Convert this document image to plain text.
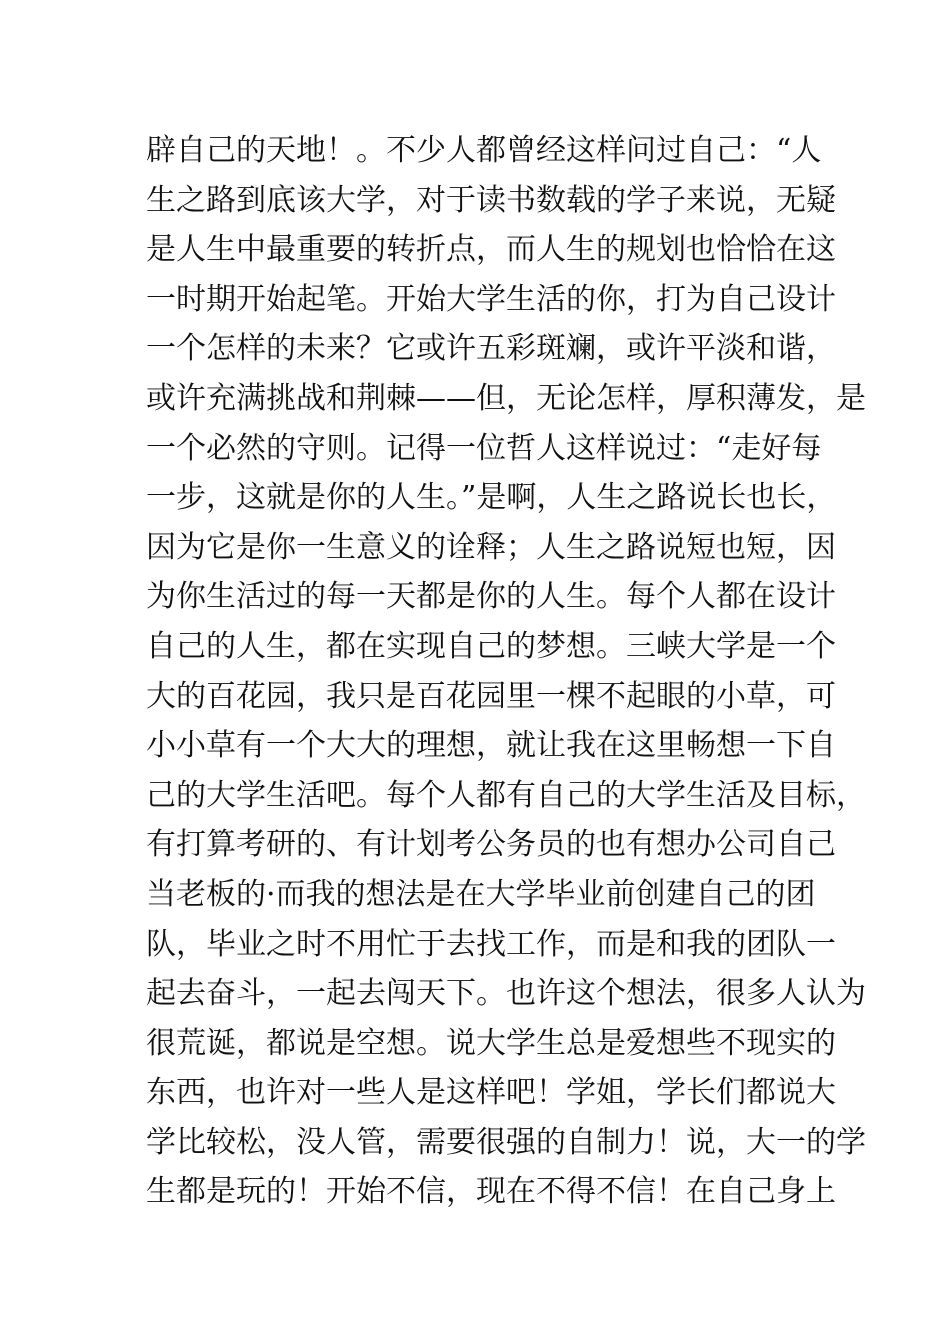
辟自己的天地！。不少人都曾经这样问过自己：“人
生之路到底该大学，对于读书数载的学子来说，无疑
是人生中最重要的转折点，而人生的规划也恰恰在这
一时期开始起笔。开始大学生活的你，打为自己设计
一个怎样的未来？它或许五彩斑斓，或许平淡和谐，
或许充满挑战和荆棘——但，无论怎样，厚积薄发，是
一个必然的守则。记得一位哲人这样说过：“走好每
一步，这就是你的人生。”是啊，人生之路说长也长，
因为它是你一生意义的诠释；人生之路说短也短，因
为你生活过的每一天都是你的人生。每个人都在设计
自己的人生，都在实现自己的梦想。三峡大学是一个
大的百花园，我只是百花园里一棵不起眼的小草，可
小小草有一个大大的理想，就让我在这里畅想一下自
己的大学生活吧。每个人都有自己的大学生活及目标，
有打算考研的、有计划考公务员的也有想办公司自己
当老板的·而我的想法是在大学毕业前创建自己的团
队，毕业之时不用忙于去找工作，而是和我的团队一
起去奋斗，一起去闯天下。也许这个想法，很多人认为
很荒诞，都说是空想。说大学生总是爱想些不现实的
东西，也许对一些人是这样吧！学姐，学长们都说大
学比较松，没人管，需要很强的自制力！说，大一的学
生都是玩的！开始不信，现在不得不信！在自己身上
